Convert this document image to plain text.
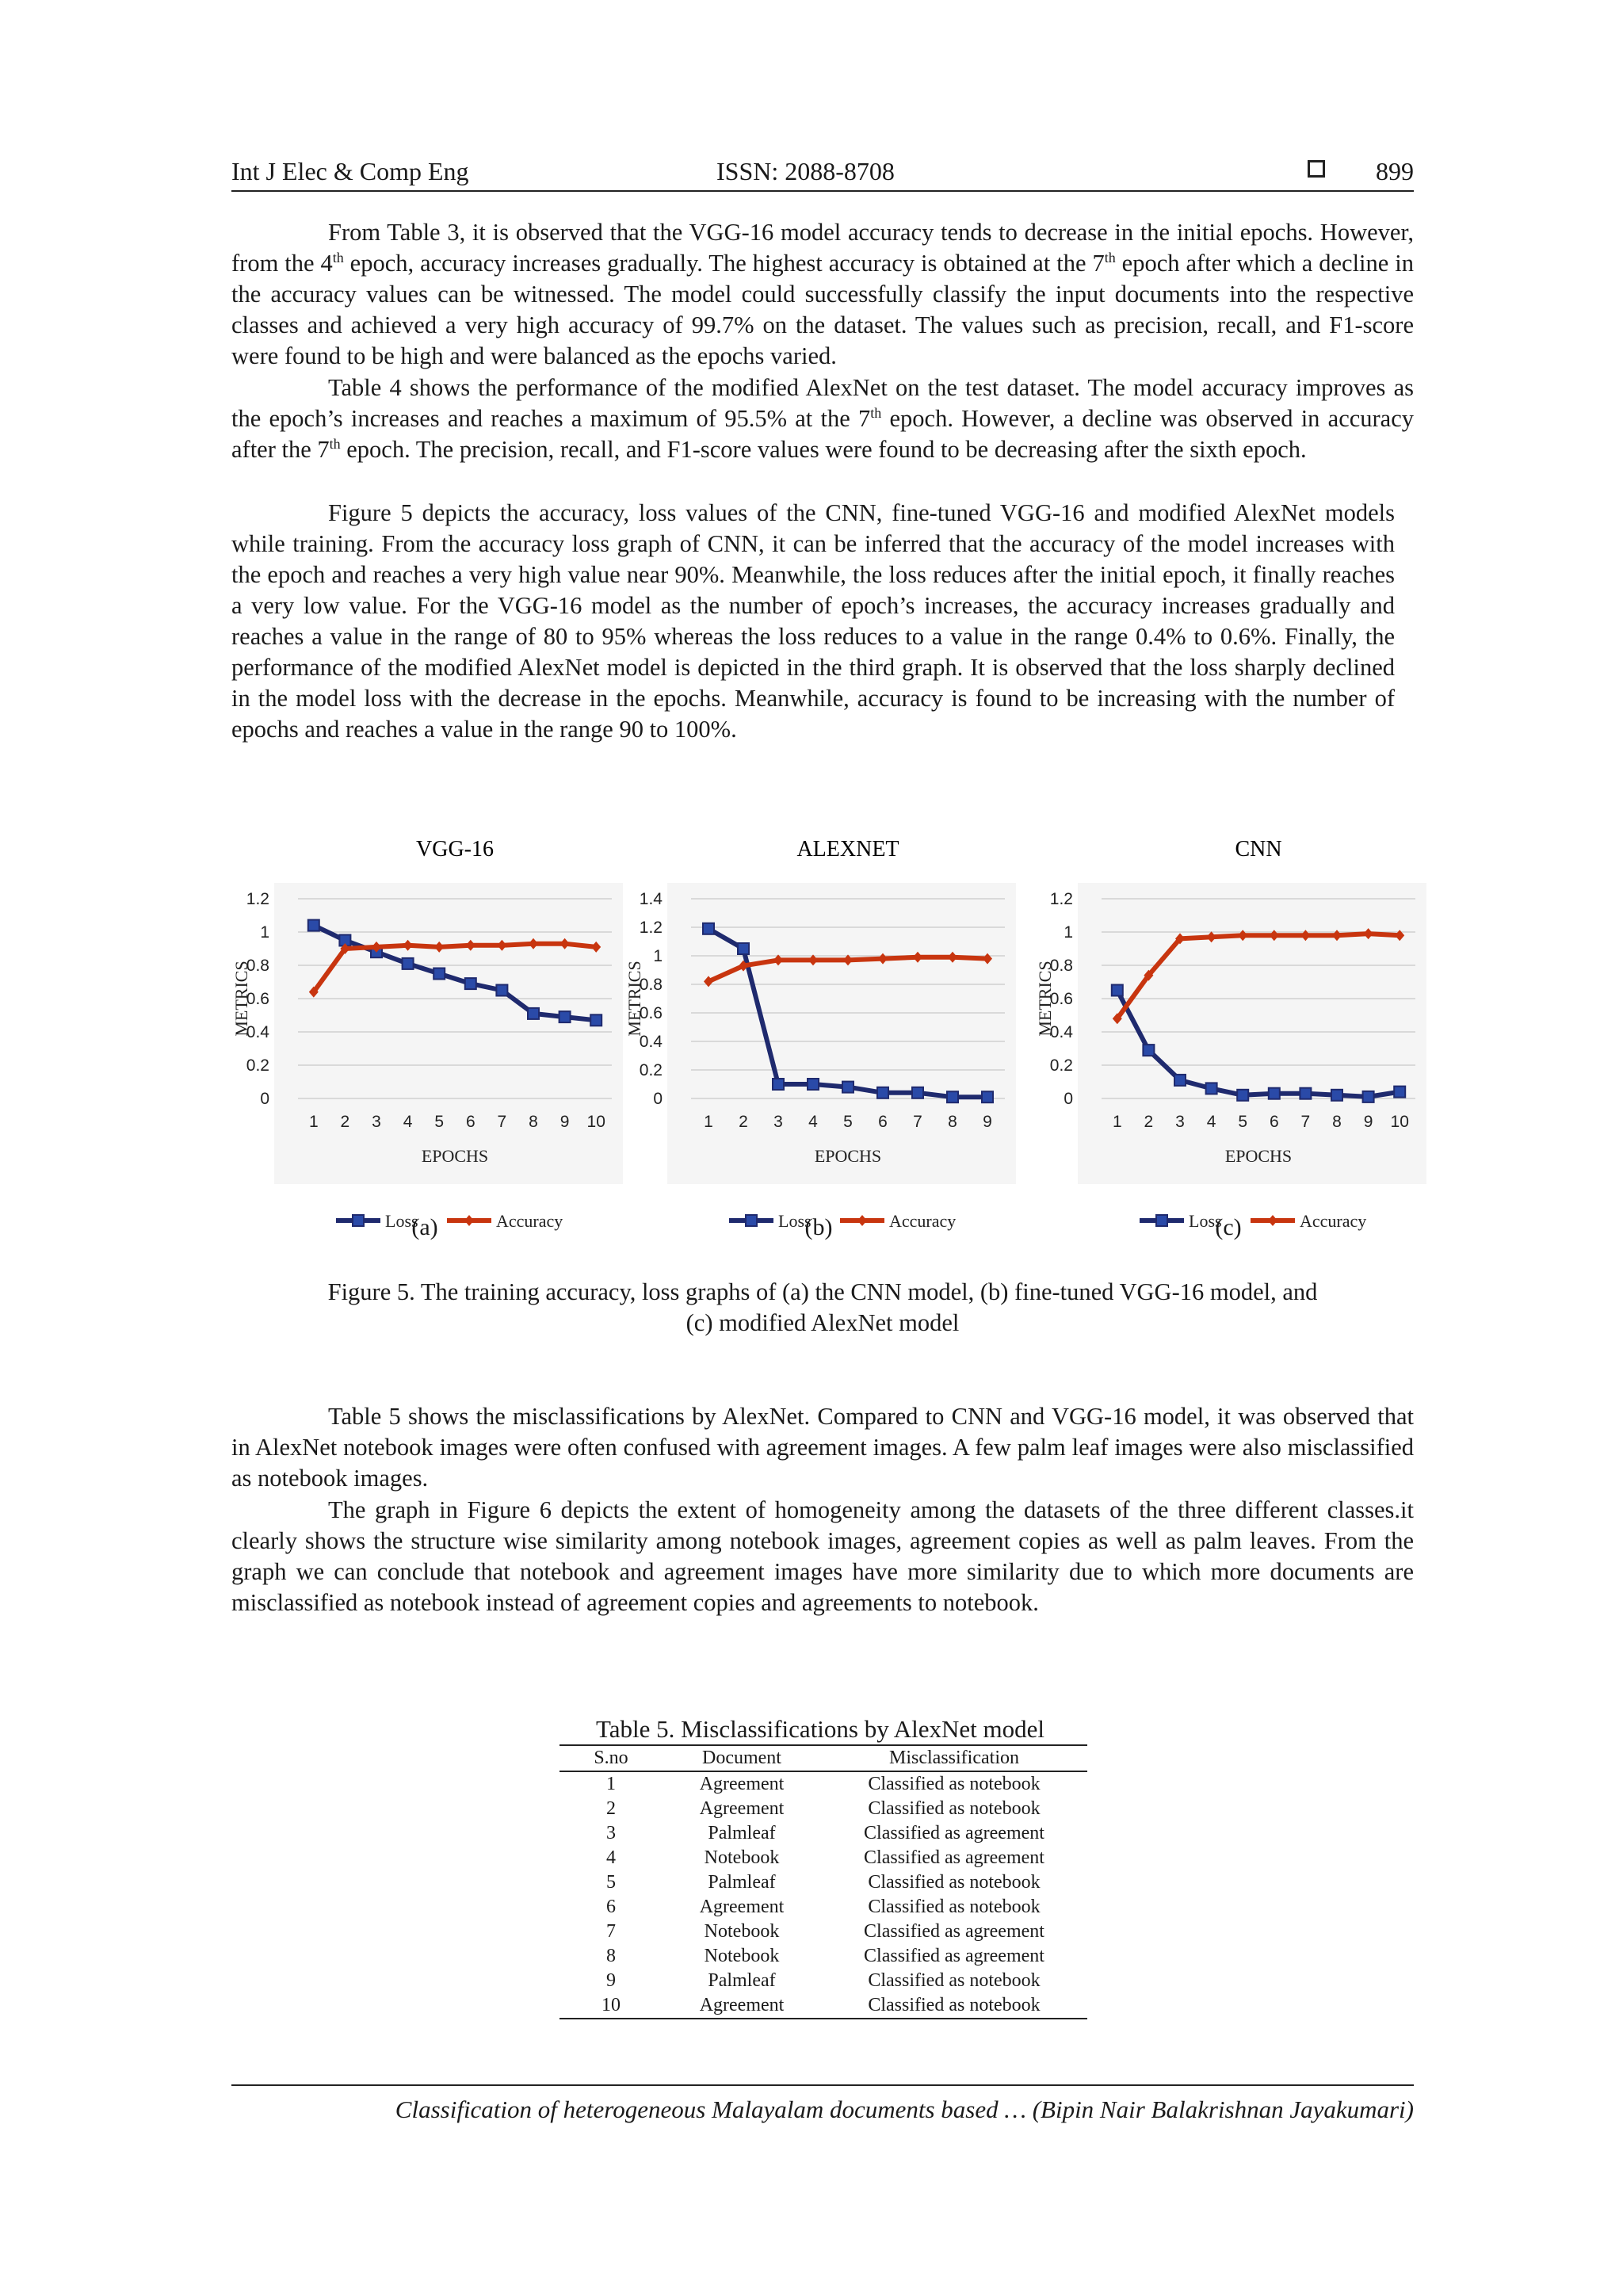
Int J Elec & Comp Eng	ISSN: 2088-8708	899

From Table 3, it is observed that the VGG-16 model accuracy tends to decrease in the initial epochs. However, from the 4th epoch, accuracy increases gradually. The highest accuracy is obtained at the 7th epoch after which a decline in the accuracy values can be witnessed. The model could successfully classify the input documents into the respective classes and achieved a very high accuracy of 99.7% on the dataset. The values such as precision, recall, and F1-score were found to be high and were balanced as the epochs varied.

Table 4 shows the performance of the modified AlexNet on the test dataset. The model accuracy improves as the epoch’s increases and reaches a maximum of 95.5% at the 7th epoch. However, a decline was observed in accuracy after the 7th epoch. The precision, recall, and F1-score values were found to be decreasing after the sixth epoch.

Figure 5 depicts the accuracy, loss values of the CNN, fine-tuned VGG-16 and modified AlexNet models while training. From the accuracy loss graph of CNN, it can be inferred that the accuracy of the model increases with the epoch and reaches a very high value near 90%. Meanwhile, the loss reduces after the initial epoch, it finally reaches a very low value. For the VGG-16 model as the number of epoch’s increases, the accuracy increases gradually and reaches a value in the range of 80 to 95% whereas the loss reduces to a value in the range 0.4% to 0.6%. Finally, the performance of the modified AlexNet model is depicted in the third graph. It is observed that the loss sharply declined in the model loss with the decrease in the epochs. Meanwhile, accuracy is found to be increasing with the number of epochs and reaches a value in the range 90 to 100%.

VGG-16
0
0.2
0.4
0.6
0.8
1
1.2
1 2 3 4 5 6 7 8 9 10
EPOCHS
METRICS
Loss	Accuracy
ALEXNET
0
0.2
0.4
0.6
0.8
1
1.2
1.4
1 2 3 4 5 6 7 8 9
EPOCHS
METRICS
Loss	Accuracy
CNN
0
0.2
0.4
0.6
0.8
1
1.2
1 2 3 4 5 6 7 8 9 10
EPOCHS
METRICS
Loss	Accuracy
(a)	(b)	(c)
Figure 5. The training accuracy, loss graphs of (a) the CNN model, (b) fine-tuned VGG-16 model, and
(c) modified AlexNet model

Table 5 shows the misclassifications by AlexNet. Compared to CNN and VGG-16 model, it was observed that in AlexNet notebook images were often confused with agreement images. A few palm leaf images were also misclassified as notebook images.

The graph in Figure 6 depicts the extent of homogeneity among the datasets of the three different classes.it clearly shows the structure wise similarity among notebook images, agreement copies as well as palm leaves. From the graph we can conclude that notebook and agreement images have more similarity due to which more documents are misclassified as notebook instead of agreement copies and agreements to notebook.

Table 5. Misclassifications by AlexNet model
S.no	Document	Misclassification
1	Agreement	Classified as notebook
2	Agreement	Classified as notebook
3	Palmleaf	Classified as agreement
4	Notebook	Classified as agreement
5	Palmleaf	Classified as notebook
6	Agreement	Classified as notebook
7	Notebook	Classified as agreement
8	Notebook	Classified as agreement
9	Palmleaf	Classified as notebook
10	Agreement	Classified as notebook
Classification of heterogeneous Malayalam documents based … (Bipin Nair Balakrishnan Jayakumari)
